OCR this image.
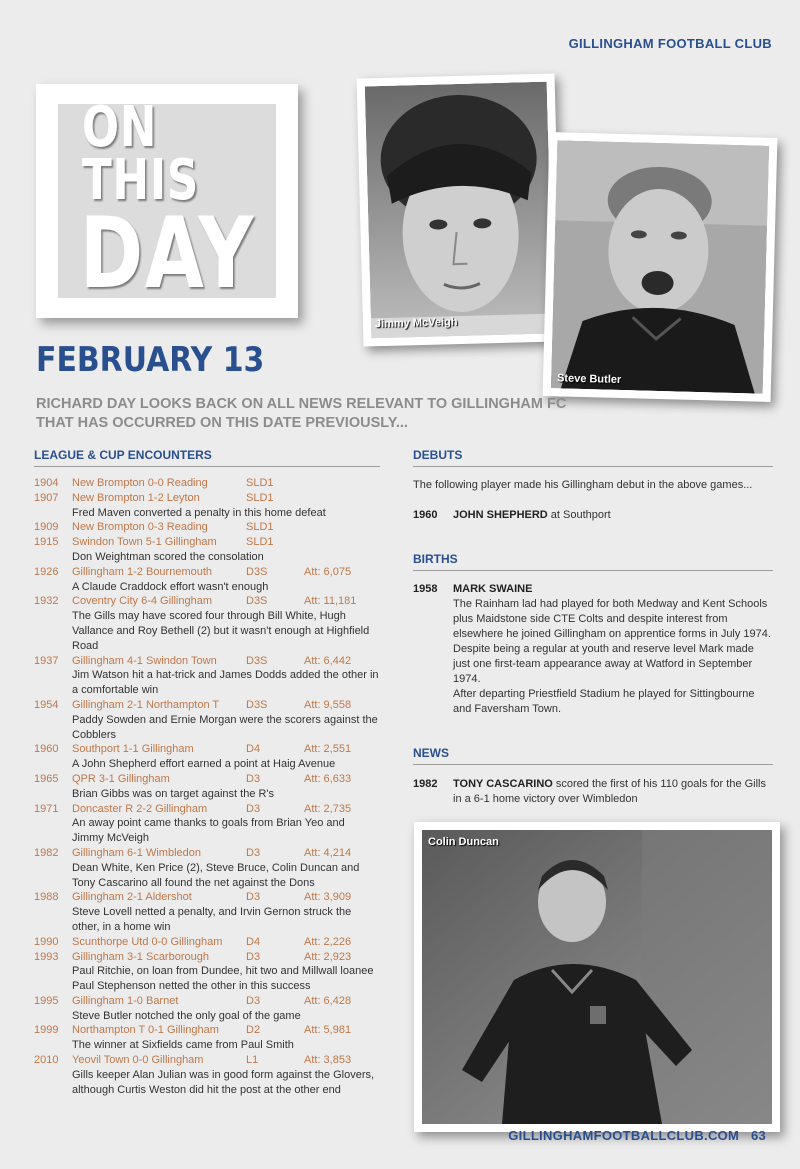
GILLINGHAM FOOTBALL CLUB
ON THIS
DAY
Jimmy McVeigh
Steve Butler
FEBRUARY 13
RICHARD DAY LOOKS BACK ON ALL NEWS RELEVANT TO GILLINGHAM FC THAT HAS OCCURRED ON THIS DATE PREVIOUSLY...
LEAGUE & CUP ENCOUNTERS
1904	New Brompton 0-0 Reading	SLD1
1907	New Brompton 1-2 Leyton	SLD1
Fred Maven converted a penalty in this home defeat
1909	New Brompton 0-3 Reading	SLD1
1915	Swindon Town 5-1 Gillingham	SLD1
Don Weightman scored the consolation
1926	Gillingham 1-2 Bournemouth	D3S	Att: 6,075
A Claude Craddock effort wasn't enough
1932	Coventry City 6-4 Gillingham	D3S	Att: 11,181
The Gills may have scored four through Bill White, Hugh Vallance and Roy Bethell (2) but it wasn't enough at Highfield Road
1937	Gillingham 4-1 Swindon Town	D3S	Att: 6,442
Jim Watson hit a hat-trick and James Dodds added the other in a comfortable win
1954	Gillingham 2-1 Northampton T	D3S	Att: 9,558
Paddy Sowden and Ernie Morgan were the scorers against the Cobblers
1960	Southport 1-1 Gillingham	D4	Att: 2,551
A John Shepherd effort earned a point at Haig Avenue
1965	QPR 3-1 Gillingham	D3	Att: 6,633
Brian Gibbs was on target against the R's
1971	Doncaster R 2-2 Gillingham	D3	Att: 2,735
An away point came thanks to goals from Brian Yeo and Jimmy McVeigh
1982	Gillingham 6-1 Wimbledon	D3	Att: 4,214
Dean White, Ken Price (2), Steve Bruce, Colin Duncan and Tony Cascarino all found the net against the Dons
1988	Gillingham 2-1 Aldershot	D3	Att: 3,909
Steve Lovell netted a penalty, and Irvin Gernon struck the other, in a home win
1990	Scunthorpe Utd 0-0 Gillingham	D4	Att: 2,226
1993	Gillingham 3-1 Scarborough	D3	Att: 2,923
Paul Ritchie, on loan from Dundee, hit two and Millwall loanee Paul Stephenson netted the other in this success
1995	Gillingham 1-0 Barnet	D3	Att: 6,428
Steve Butler notched the only goal of the game
1999	Northampton T 0-1 Gillingham	D2	Att: 5,981
The winner at Sixfields came from Paul Smith
2010	Yeovil Town 0-0 Gillingham	L1	Att: 3,853
Gills keeper Alan Julian was in good form against the Glovers, although Curtis Weston did hit the post at the other end
DEBUTS
The following player made his Gillingham debut in the above games...
1960	JOHN SHEPHERD at Southport
BIRTHS
1958	MARK SWAINE
The Rainham lad had played for both Medway and Kent Schools plus Maidstone side CTE Colts and despite interest from elsewhere he joined Gillingham on apprentice forms in July 1974.
Despite being a regular at youth and reserve level Mark made just one first-team appearance away at Watford in September 1974.
After departing Priestfield Stadium he played for Sittingbourne and Faversham Town.
NEWS
1982	TONY CASCARINO scored the first of his 110 goals for the Gills in a 6-1 home victory over Wimbledon
Colin Duncan
GILLINGHAMFOOTBALLCLUB.COM 63
